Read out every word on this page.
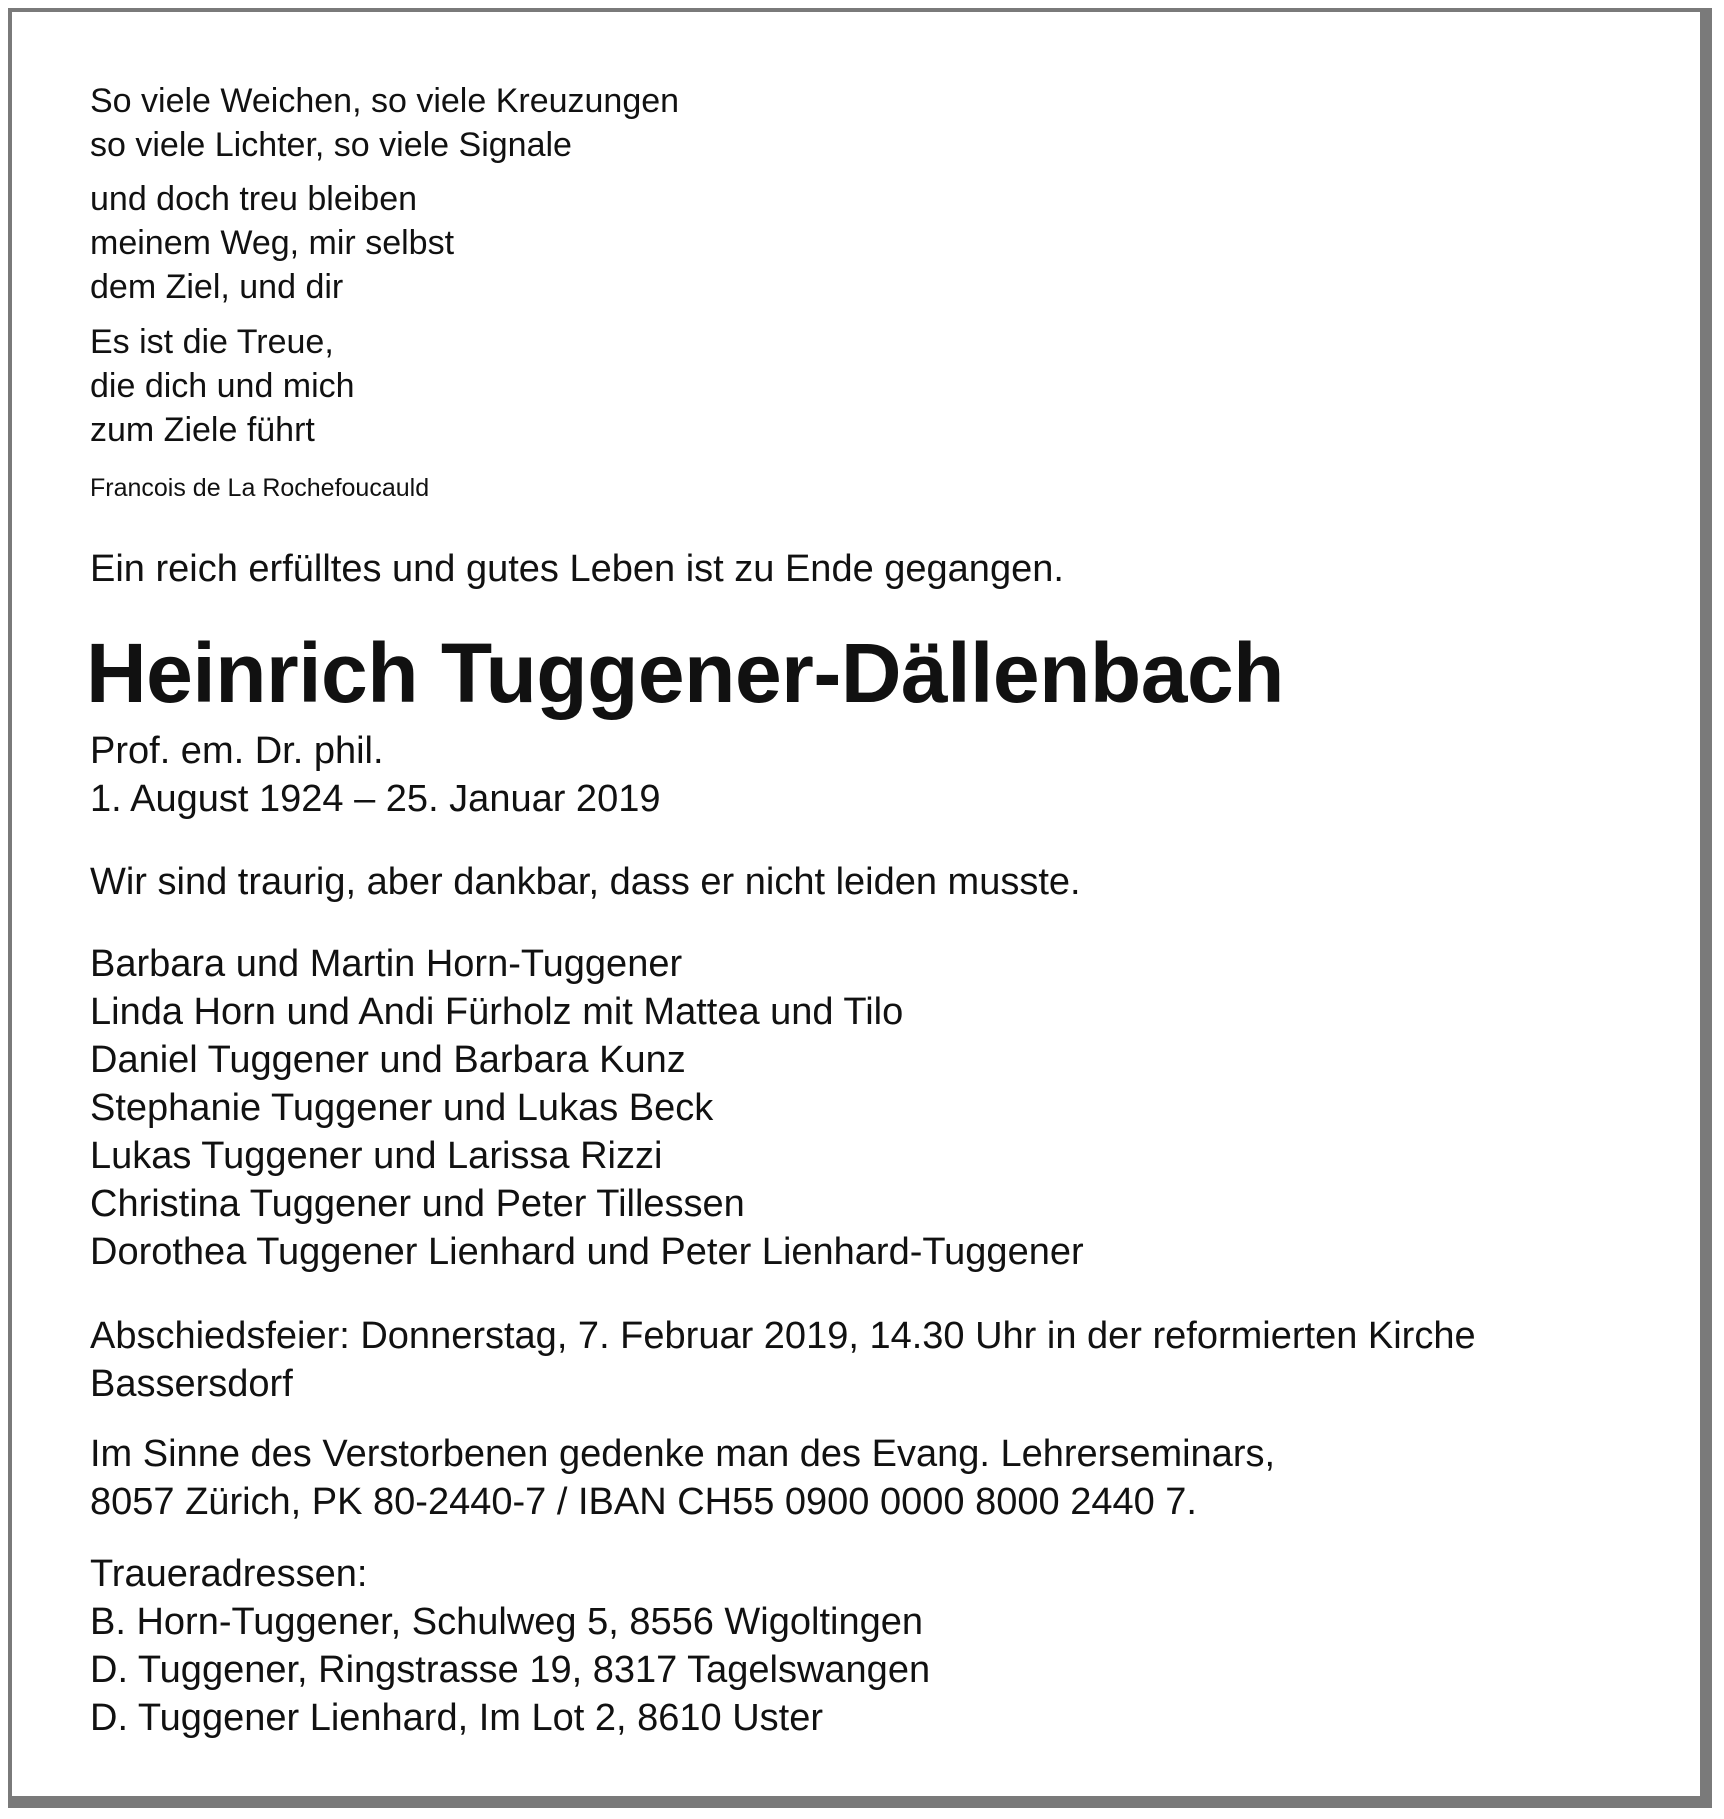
So viele Weichen, so viele Kreuzungen
so viele Lichter, so viele Signale
und doch treu bleiben
meinem Weg, mir selbst
dem Ziel, und dir
Es ist die Treue,
die dich und mich
zum Ziele führt
Francois de La Rochefoucauld
Ein reich erfülltes und gutes Leben ist zu Ende gegangen.
Heinrich Tuggener-Dällenbach
Prof. em. Dr. phil.
1. August 1924 – 25. Januar 2019
Wir sind traurig, aber dankbar, dass er nicht leiden musste.
Barbara und Martin Horn-Tuggener
Linda Horn und Andi Fürholz mit Mattea und Tilo
Daniel Tuggener und Barbara Kunz
Stephanie Tuggener und Lukas Beck
Lukas Tuggener und Larissa Rizzi
Christina Tuggener und Peter Tillessen
Dorothea Tuggener Lienhard und Peter Lienhard-Tuggener
Abschiedsfeier: Donnerstag, 7. Februar 2019, 14.30 Uhr in der reformierten Kirche
Bassersdorf
Im Sinne des Verstorbenen gedenke man des Evang. Lehrerseminars,
8057 Zürich, PK 80-2440-7 / IBAN CH55 0900 0000 8000 2440 7.
Traueradressen:
B. Horn-Tuggener, Schulweg 5, 8556 Wigoltingen
D. Tuggener, Ringstrasse 19, 8317 Tagelswangen
D. Tuggener Lienhard, Im Lot 2, 8610 Uster
